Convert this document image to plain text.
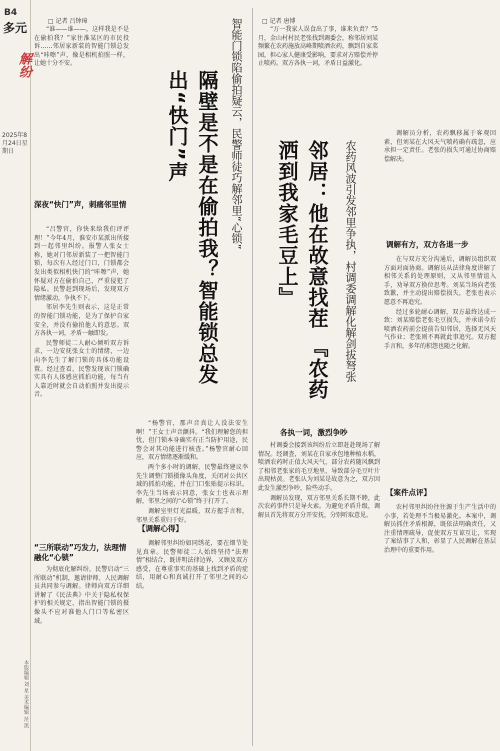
B4
多元
解纷
2025年8月24日星期日
本版编辑 刘 星 美术编辑 范 凯
□ 记者 吕钟璋

“谁——谁——，这样我是不是在偷拍我？”家住淮某区的市民投诉……邻居家新装的智能门锁总发出“咔嚓”声，像是相机拍照一样，让她十分不安。	智能门锁陷偷拍疑云，民警师徒巧解邻里“心锁”
隔壁是不是在偷拍我？智能锁总发出“快门”声
深夜“快门”声，刺痛邻里情

“吕警官，你快来给我们评评理！”今年4月，淮安市某派出所接到一起邻里纠纷。报警人张女士称，她对门邻居新装了一把智能门锁，每次有人经过门口，门锁都会发出类似相机快门的“咔嚓”声，她怀疑对方在偷拍自己，严重侵犯了隐私。民警赶到现场后，发现双方情绪激动，争执不下。

邻居李先生则表示，这是正常的智能门锁功能，是为了保护自家安全，并没有偷拍他人的意思。双方各执一词，矛盾一触即发。

民警师徒二人耐心倾听双方诉求，一边安抚张女士的情绪，一边向李先生了解门锁的具体功能设置。经过查看，民警发现该门锁确实具有人体感应抓拍功能，每当有人靠近时就会自动拍照并发出提示音。

“三所联动”巧发力，法理情融化“心锁”

为彻底化解纠纷，民警启动“三所联动”机制，邀请律师、人民调解员共同参与调解。律师向双方详细讲解了《民法典》中关于隐私权保护的相关规定，指出智能门锁的摄像头不应对准他人门口等私密区域。

“杨警官，那声音真让人没法安生啊！”王女士声音颤抖。“我们理解您的担忧，但门锁本身确实有正当防护用途，民警会对其功能进行核查。”杨警官耐心回应，双方情绪逐渐缓和。

两个多小时的调解，民警最终建议李先生调整门锁摄像头角度，关闭对公共区域的抓拍功能，并在门口张贴提示标识。李先生当场表示同意，张女士也表示理解，邻里之间的“心锁”终于打开了。

调解室里灯光温暖，双方握手言和，邻里关系重归于好。

【调解心得】

调解邻里纠纷如同绣花，要在细节处见真章。民警师徒二人始终坚持“法理情”相结合，既讲明法律边界，又顾及双方感受，在尊重事实的基础上找到矛盾的症结，用耐心和真诚打开了邻里之间的心结。

□ 记者 唐博

“万一我家人误食出了事，谁来负责？”5月，金山村村民老张找到调委会，称邻居刘某频繁在农药施放高峰期喷洒农药，飘到自家菜园，担心家人健康受影响，要求对方赔偿并停止喷药。双方各执一词，矛盾日益激化。

农药风波引发邻里争执，村调委调解化解剑拔弩张
邻居：他在故意找茬 『农药洒到我家毛豆上』

调解员分析，农药飘移属于客观因素，但刘某在大风天气喷药确有疏忽，应承担一定责任。老张的损失可通过协商赔偿解决。

调解有方，双方各退一步

在与双方充分沟通后，调解员组织双方面对面协商。调解员从法律角度讲解了相邻关系的处理原则，又从邻里情谊入手，劝导双方换位思考。刘某当场向老张致歉，并主动提出赔偿损失，老张也表示愿意不再追究。

经过多轮耐心调解，双方最终达成一致：刘某赔偿老张毛豆损失，并承诺今后喷洒农药前会提前告知邻居，选择无风天气作业；老张则不再就此事追究。双方握手言和，多年的积怨也随之化解。

各执一词，激烈争吵

村调委会接到该纠纷后立即赶赴现场了解情况。经调查，刘某在自家承包地种植水稻，喷洒农药时正值大风天气，部分农药随风飘到了相邻老张家的毛豆地里，导致部分毛豆叶片出现枯黄。老张认为刘某是故意为之，双方因此发生激烈争吵，险些动手。

调解员发现，双方邻里关系长期不睦，此次农药事件只是导火索。为避免矛盾升级，调解员首先将双方分开安抚，分别听取意见。

【案件点评】

农村邻里纠纷往往源于生产生活中的小事，若处理不当极易激化。本案中，调解员抓住矛盾根源，既依法明确责任，又注重情理疏导，促使双方互谅互让，实现了案结事了人和，彰显了人民调解在基层治理中的重要作用。
